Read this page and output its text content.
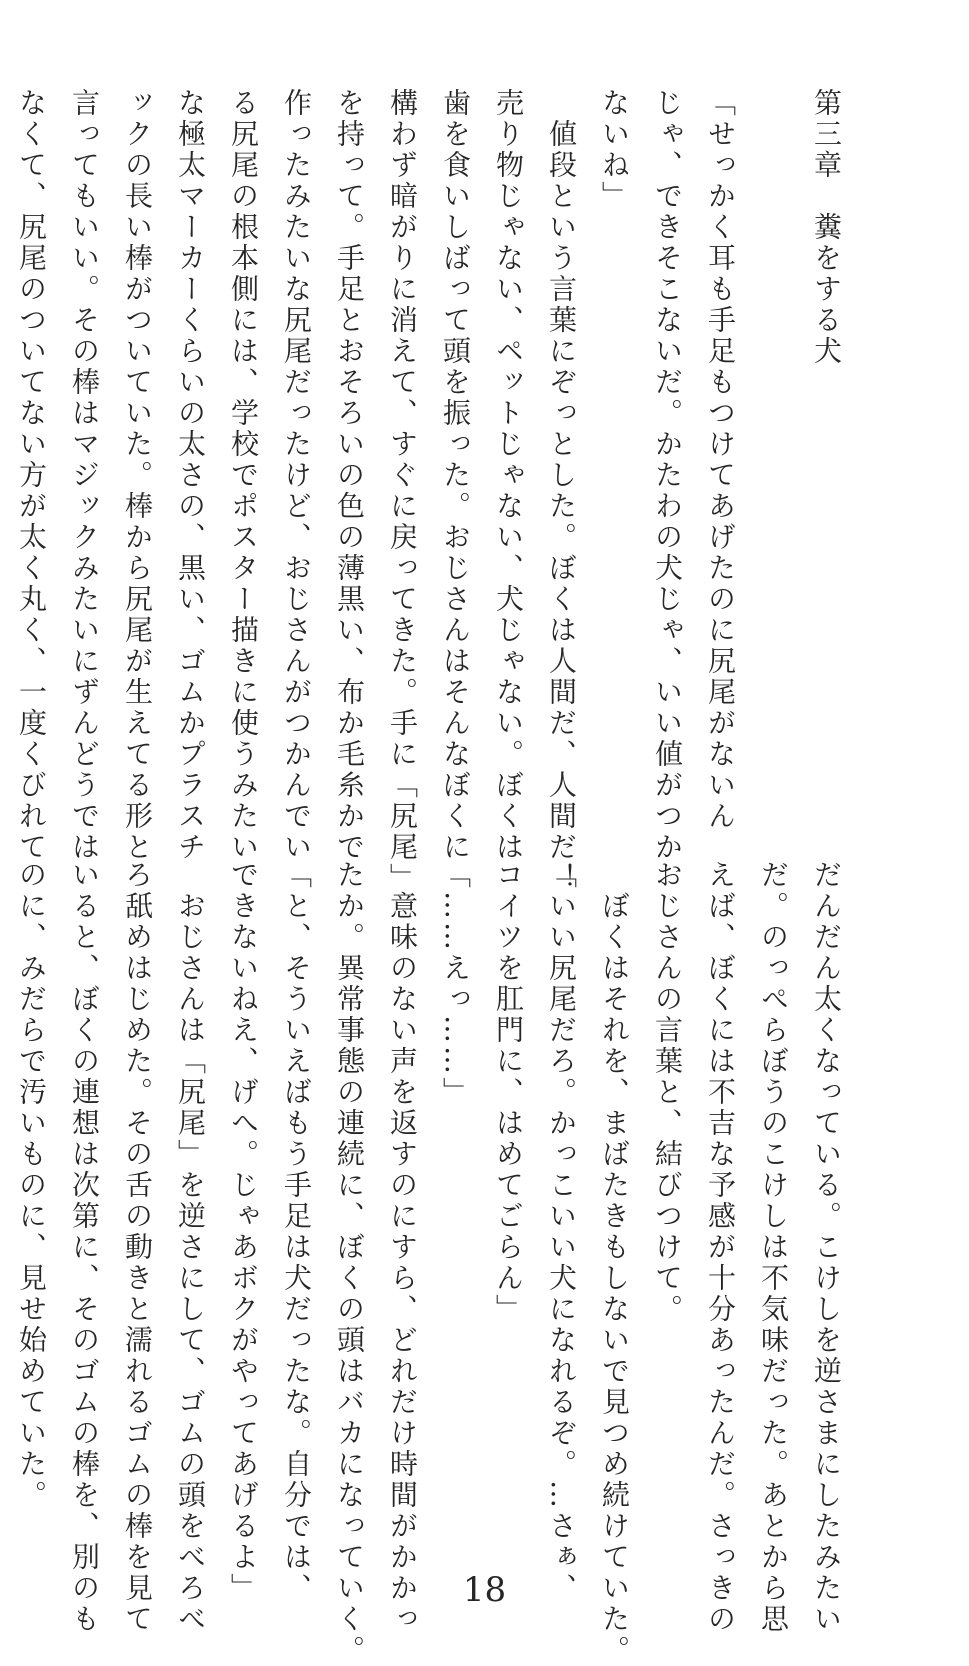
第三章　糞をする犬
「せっかく耳も手足もつけてあげたのに尻尾がないん
じゃ、できそこないだ。かたわの犬じゃ、いい値がつか
ないね」
　値段という言葉にぞっとした。ぼくは人間だ、人間だ！
売り物じゃない、ペットじゃない、犬じゃない。ぼくは
歯を食いしばって頭を振った。おじさんはそんなぼくに
構わず暗がりに消えて、すぐに戻ってきた。手に「尻尾」
を持って。手足とおそろいの色の薄黒い、布か毛糸かで
作ったみたいな尻尾だったけど、おじさんがつかんでい
る尻尾の根本側には、学校でポスター描きに使うみたい
な極太マーカーくらいの太さの、黒い、ゴムかプラスチ
ックの長い棒がついていた。棒から尻尾が生えてる形と
言ってもいい。その棒はマジックみたいにずんどうでは
なくて、尻尾のついてない方が太く丸く、一度くびれて
だんだん太くなっている。こけしを逆さまにしたみたい
だ。のっぺらぼうのこけしは不気味だった。あとから思
えば、ぼくには不吉な予感が十分あったんだ。さっきの
おじさんの言葉と、結びつけて。
　ぼくはそれを、まばたきもしないで見つめ続けていた。
「いい尻尾だろ。かっこいい犬になれるぞ。…さぁ、
コイツを肛門に、はめてごらん」
「……えっ……」
　意味のない声を返すのにすら、どれだけ時間がかかっ
たか。異常事態の連続に、ぼくの頭はバカになっていく。
「と、そういえばもう手足は犬だったな。自分では、
できないねえ、げへ。じゃあボクがやってあげるよ」
　おじさんは「尻尾」を逆さにして、ゴムの頭をべろべ
ろ舐めはじめた。その舌の動きと濡れるゴムの棒を見て
いると、ぼくの連想は次第に、そのゴムの棒を、別のも
のに、みだらで汚いものに、見せ始めていた。
18
